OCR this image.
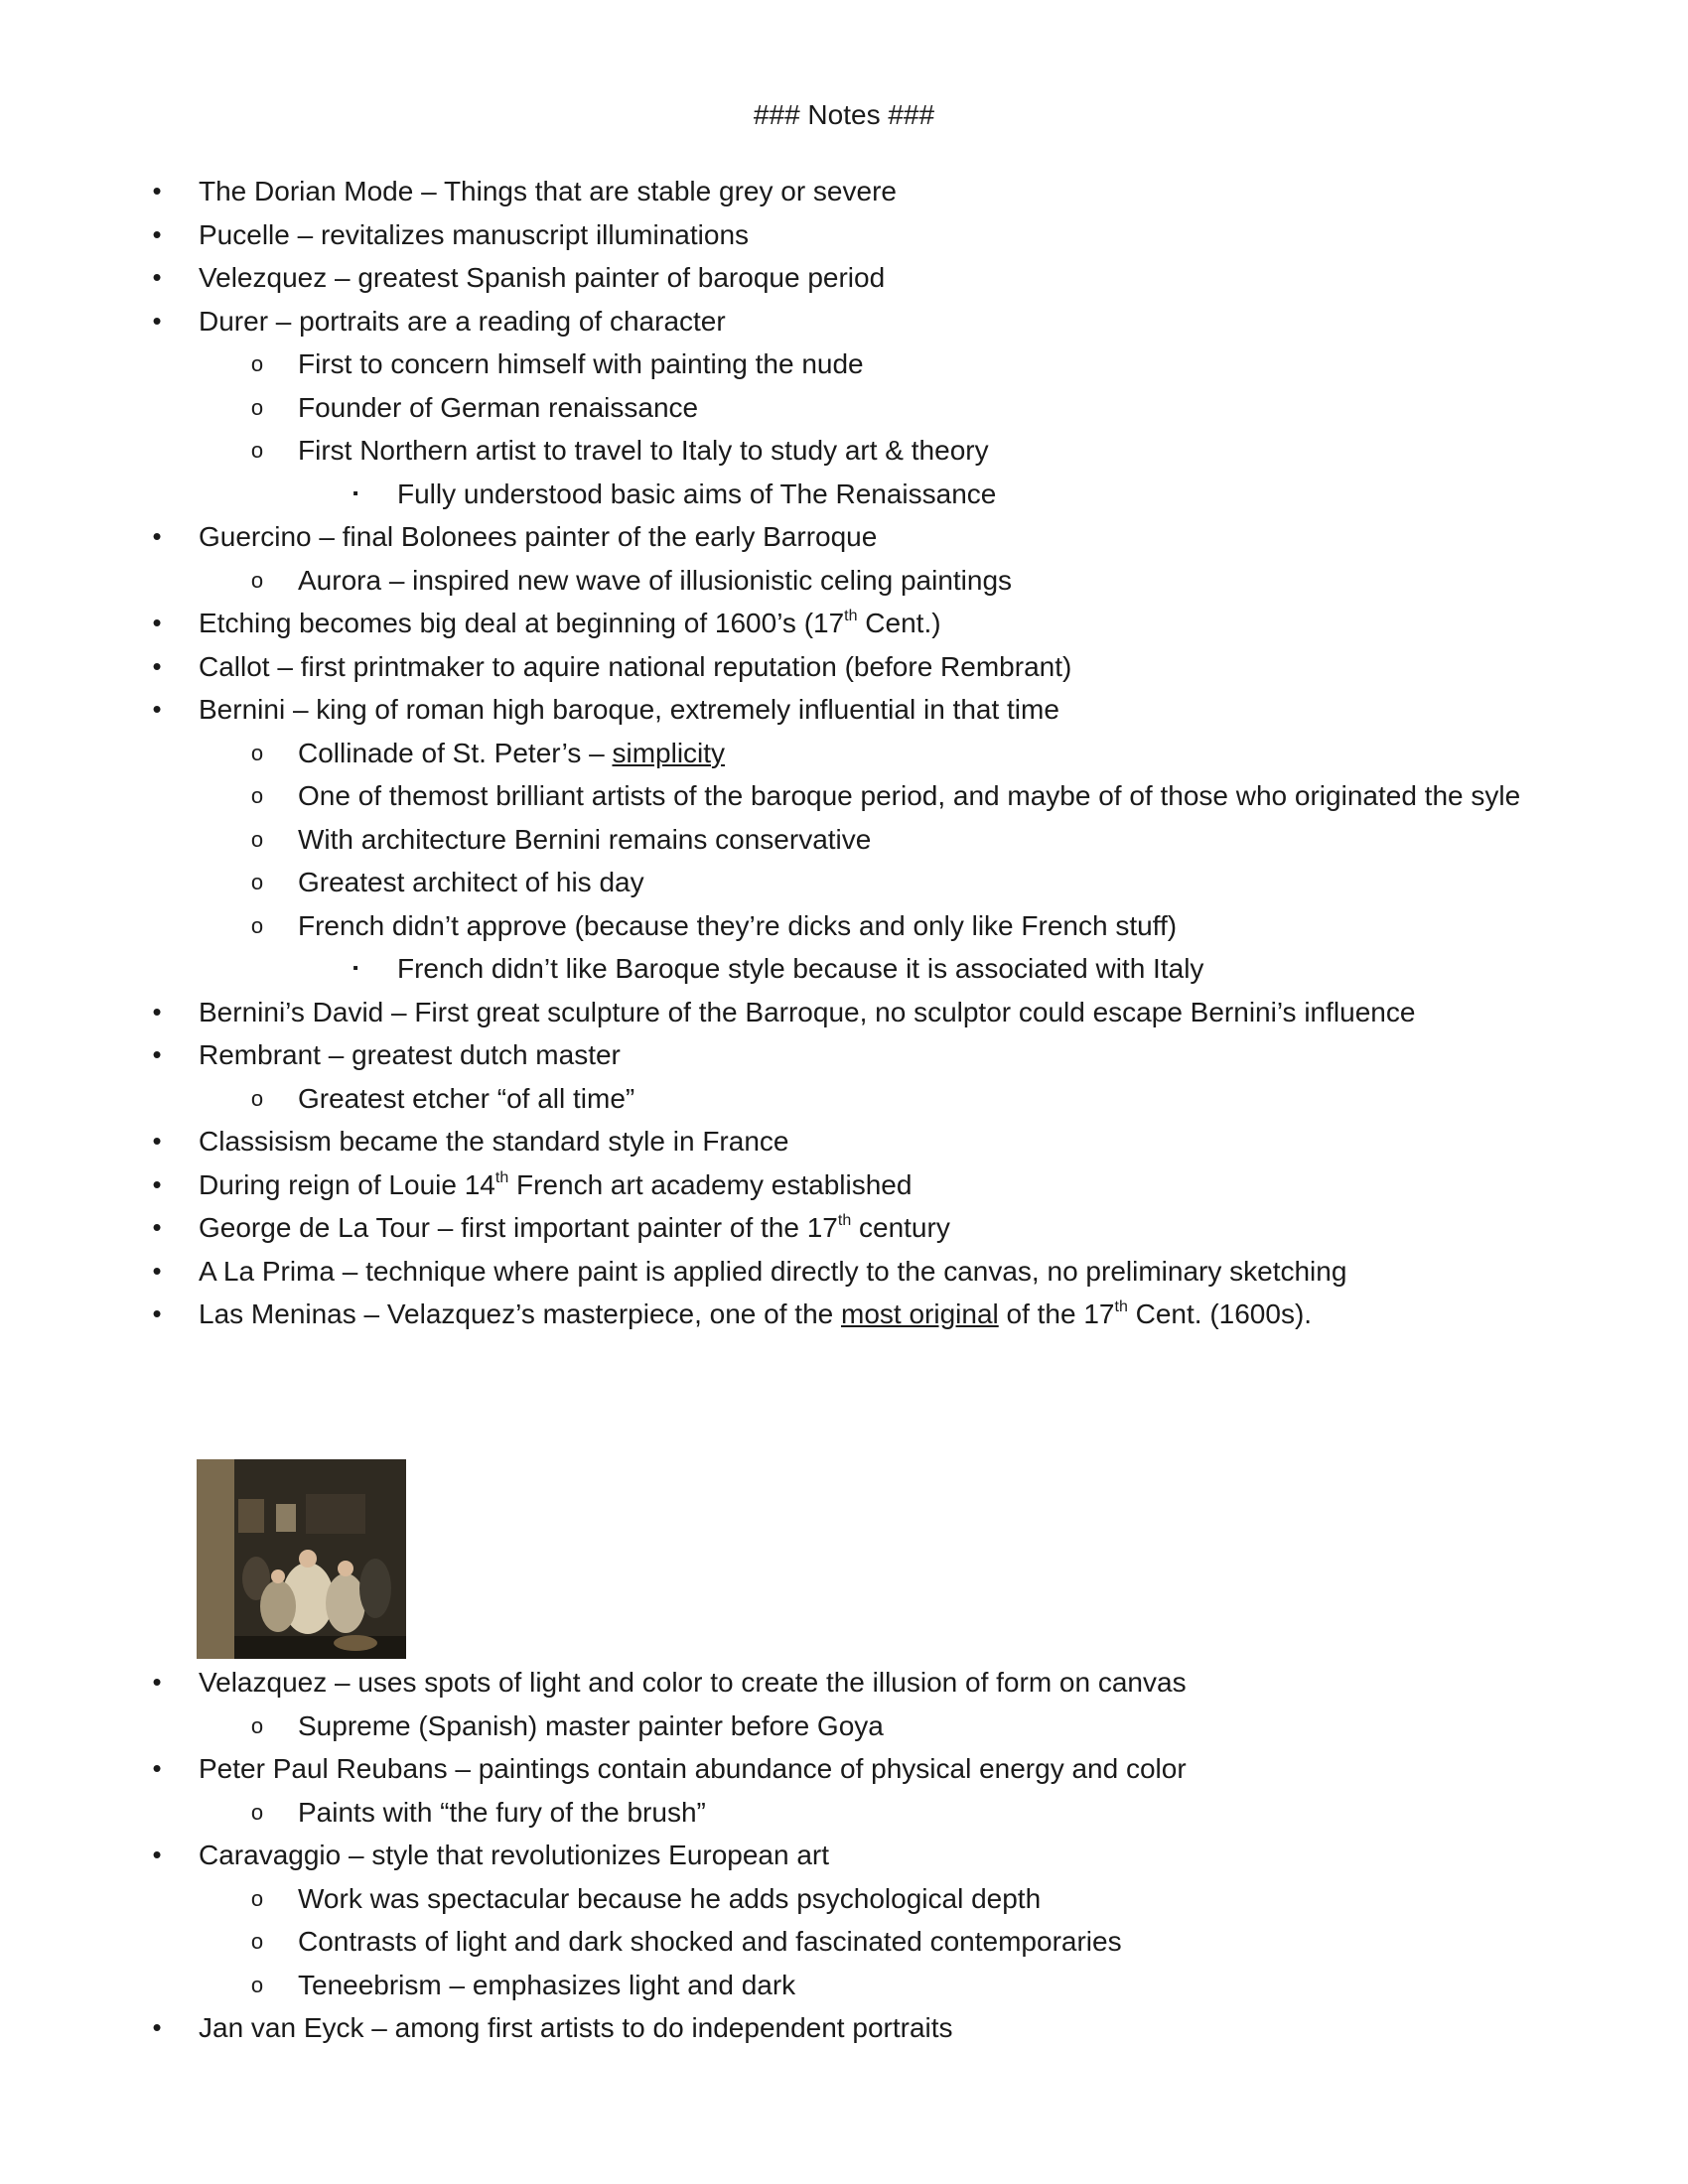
### Notes ###
• The Dorian Mode – Things that are stable grey or severe
• Pucelle – revitalizes manuscript illuminations
• Velezquez – greatest Spanish painter of baroque period
• Durer – portraits are a reading of character
o First to concern himself with painting the nude
o Founder of German renaissance
o First Northern artist to travel to Italy to study art & theory
▪	Fully understood basic aims of The Renaissance
• Guercino – final Bolonees painter of the early Barroque
o Aurora – inspired new wave of illusionistic celing paintings
• Etching becomes big deal at beginning of 1600’s (17th Cent.)
• Callot – first printmaker to aquire national reputation (before Rembrant)
• Bernini – king of roman high baroque, extremely influential in that time
o Collinade of St. Peter’s – simplicity
o One of themost brilliant artists of the baroque period, and maybe of of those who originated the syle
o With architecture Bernini remains conservative
o Greatest architect of his day
o French didn’t approve (because they’re dicks and only like French stuff)
▪	French didn’t like Baroque style because it is associated with Italy
• Bernini’s David – First great sculpture of the Barroque, no sculptor could escape Bernini’s influence
• Rembrant – greatest dutch master
o Greatest etcher “of all time”
• Classisism became the standard style in France
• During reign of Louie 14th French art academy established
• George de La Tour – first important painter of the 17th century
• A La Prima – technique where paint is applied directly to the canvas, no preliminary sketching
• Las Meninas – Velazquez’s masterpiece, one of the most original of the 17th Cent. (1600s).
• Velazquez – uses spots of light and color to create the illusion of form on canvas
o Supreme (Spanish) master painter before Goya
• Peter Paul Reubans – paintings contain abundance of physical energy and color
o Paints with “the fury of the brush”
• Caravaggio – style that revolutionizes European art
o Work was spectacular because he adds psychological depth
o Contrasts of light and dark shocked and fascinated contemporaries
o Teneebrism – emphasizes light and dark
• Jan van Eyck – among first artists to do independent portraits
